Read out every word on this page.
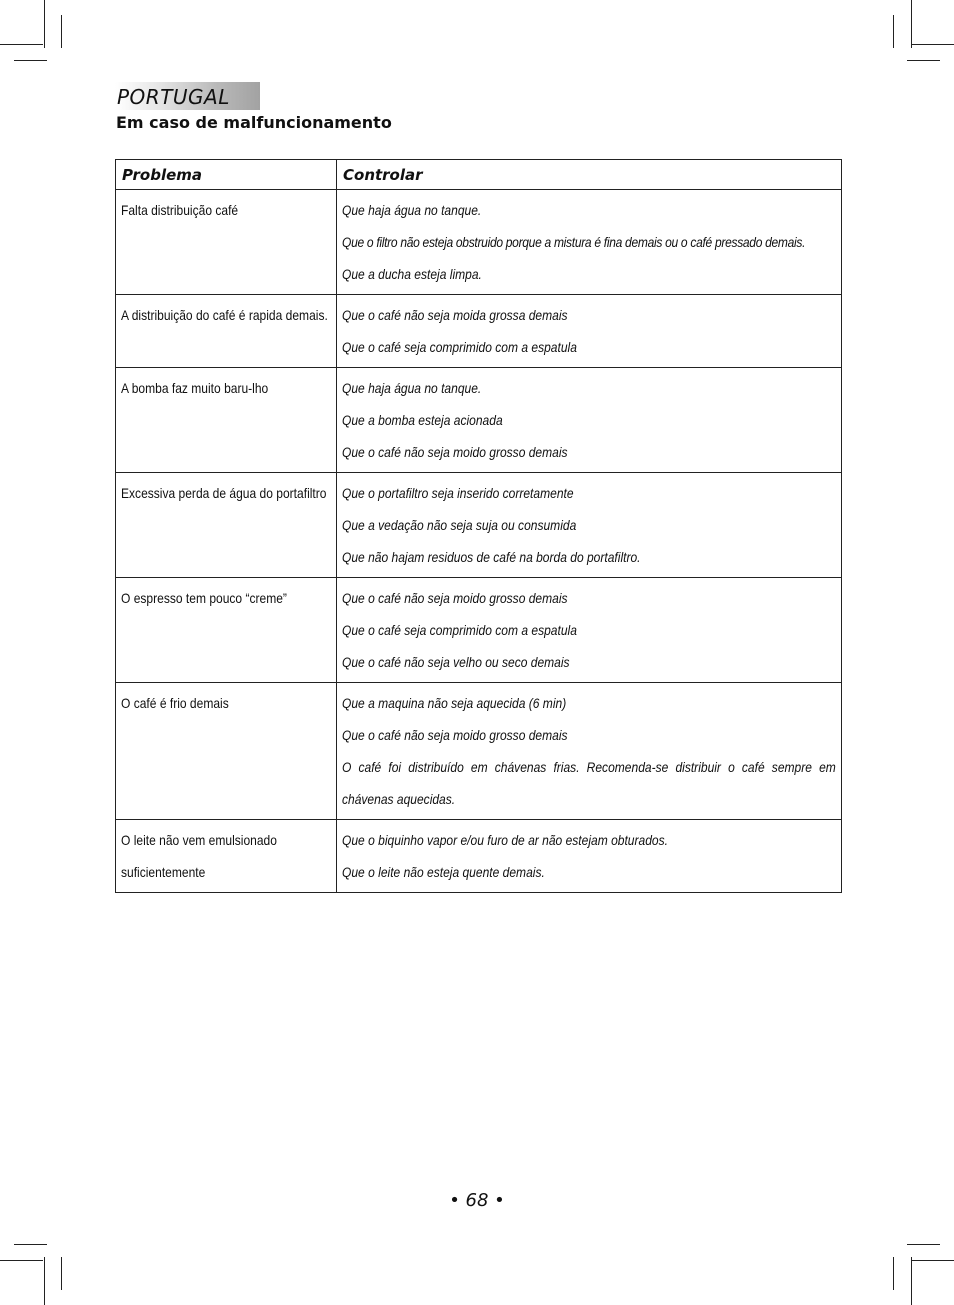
PORTUGAL
Em caso de malfuncionamento
Problema	Controlar

Falta distribuição café	Que haja água no tanque.
Que o filtro não esteja obstruido porque a mistura é fina demais ou o café pressado demais.
Que a ducha esteja limpa.

A distribuição do café é rapida demais.	Que o café não seja moida grossa demais
Que o café seja comprimido com a espatula

A bomba faz muito baru-lho	Que haja água no tanque.
Que a bomba esteja acionada
Que o café não seja moido grosso demais

Excessiva perda de água do portafiltro	Que o portafiltro seja inserido corretamente
Que a vedação não seja suja ou consumida
Que não hajam residuos de café na borda do portafiltro.

O espresso tem pouco “creme”	Que o café não seja moido grosso demais
Que o café seja comprimido com a espatula
Que o café não seja velho ou seco demais

O café é frio demais	Que a maquina não seja aquecida (6 min)
Que o café não seja moido grosso demais
O café foi distribuído em chávenas frias. Recomenda-se distribuir o café sempre em chávenas aquecidas.

O leite não vem emulsionado suficientemente	Que o biquinho vapor e/ou furo de ar não estejam obturados.
Que o leite não esteja quente demais.
• 68 •
